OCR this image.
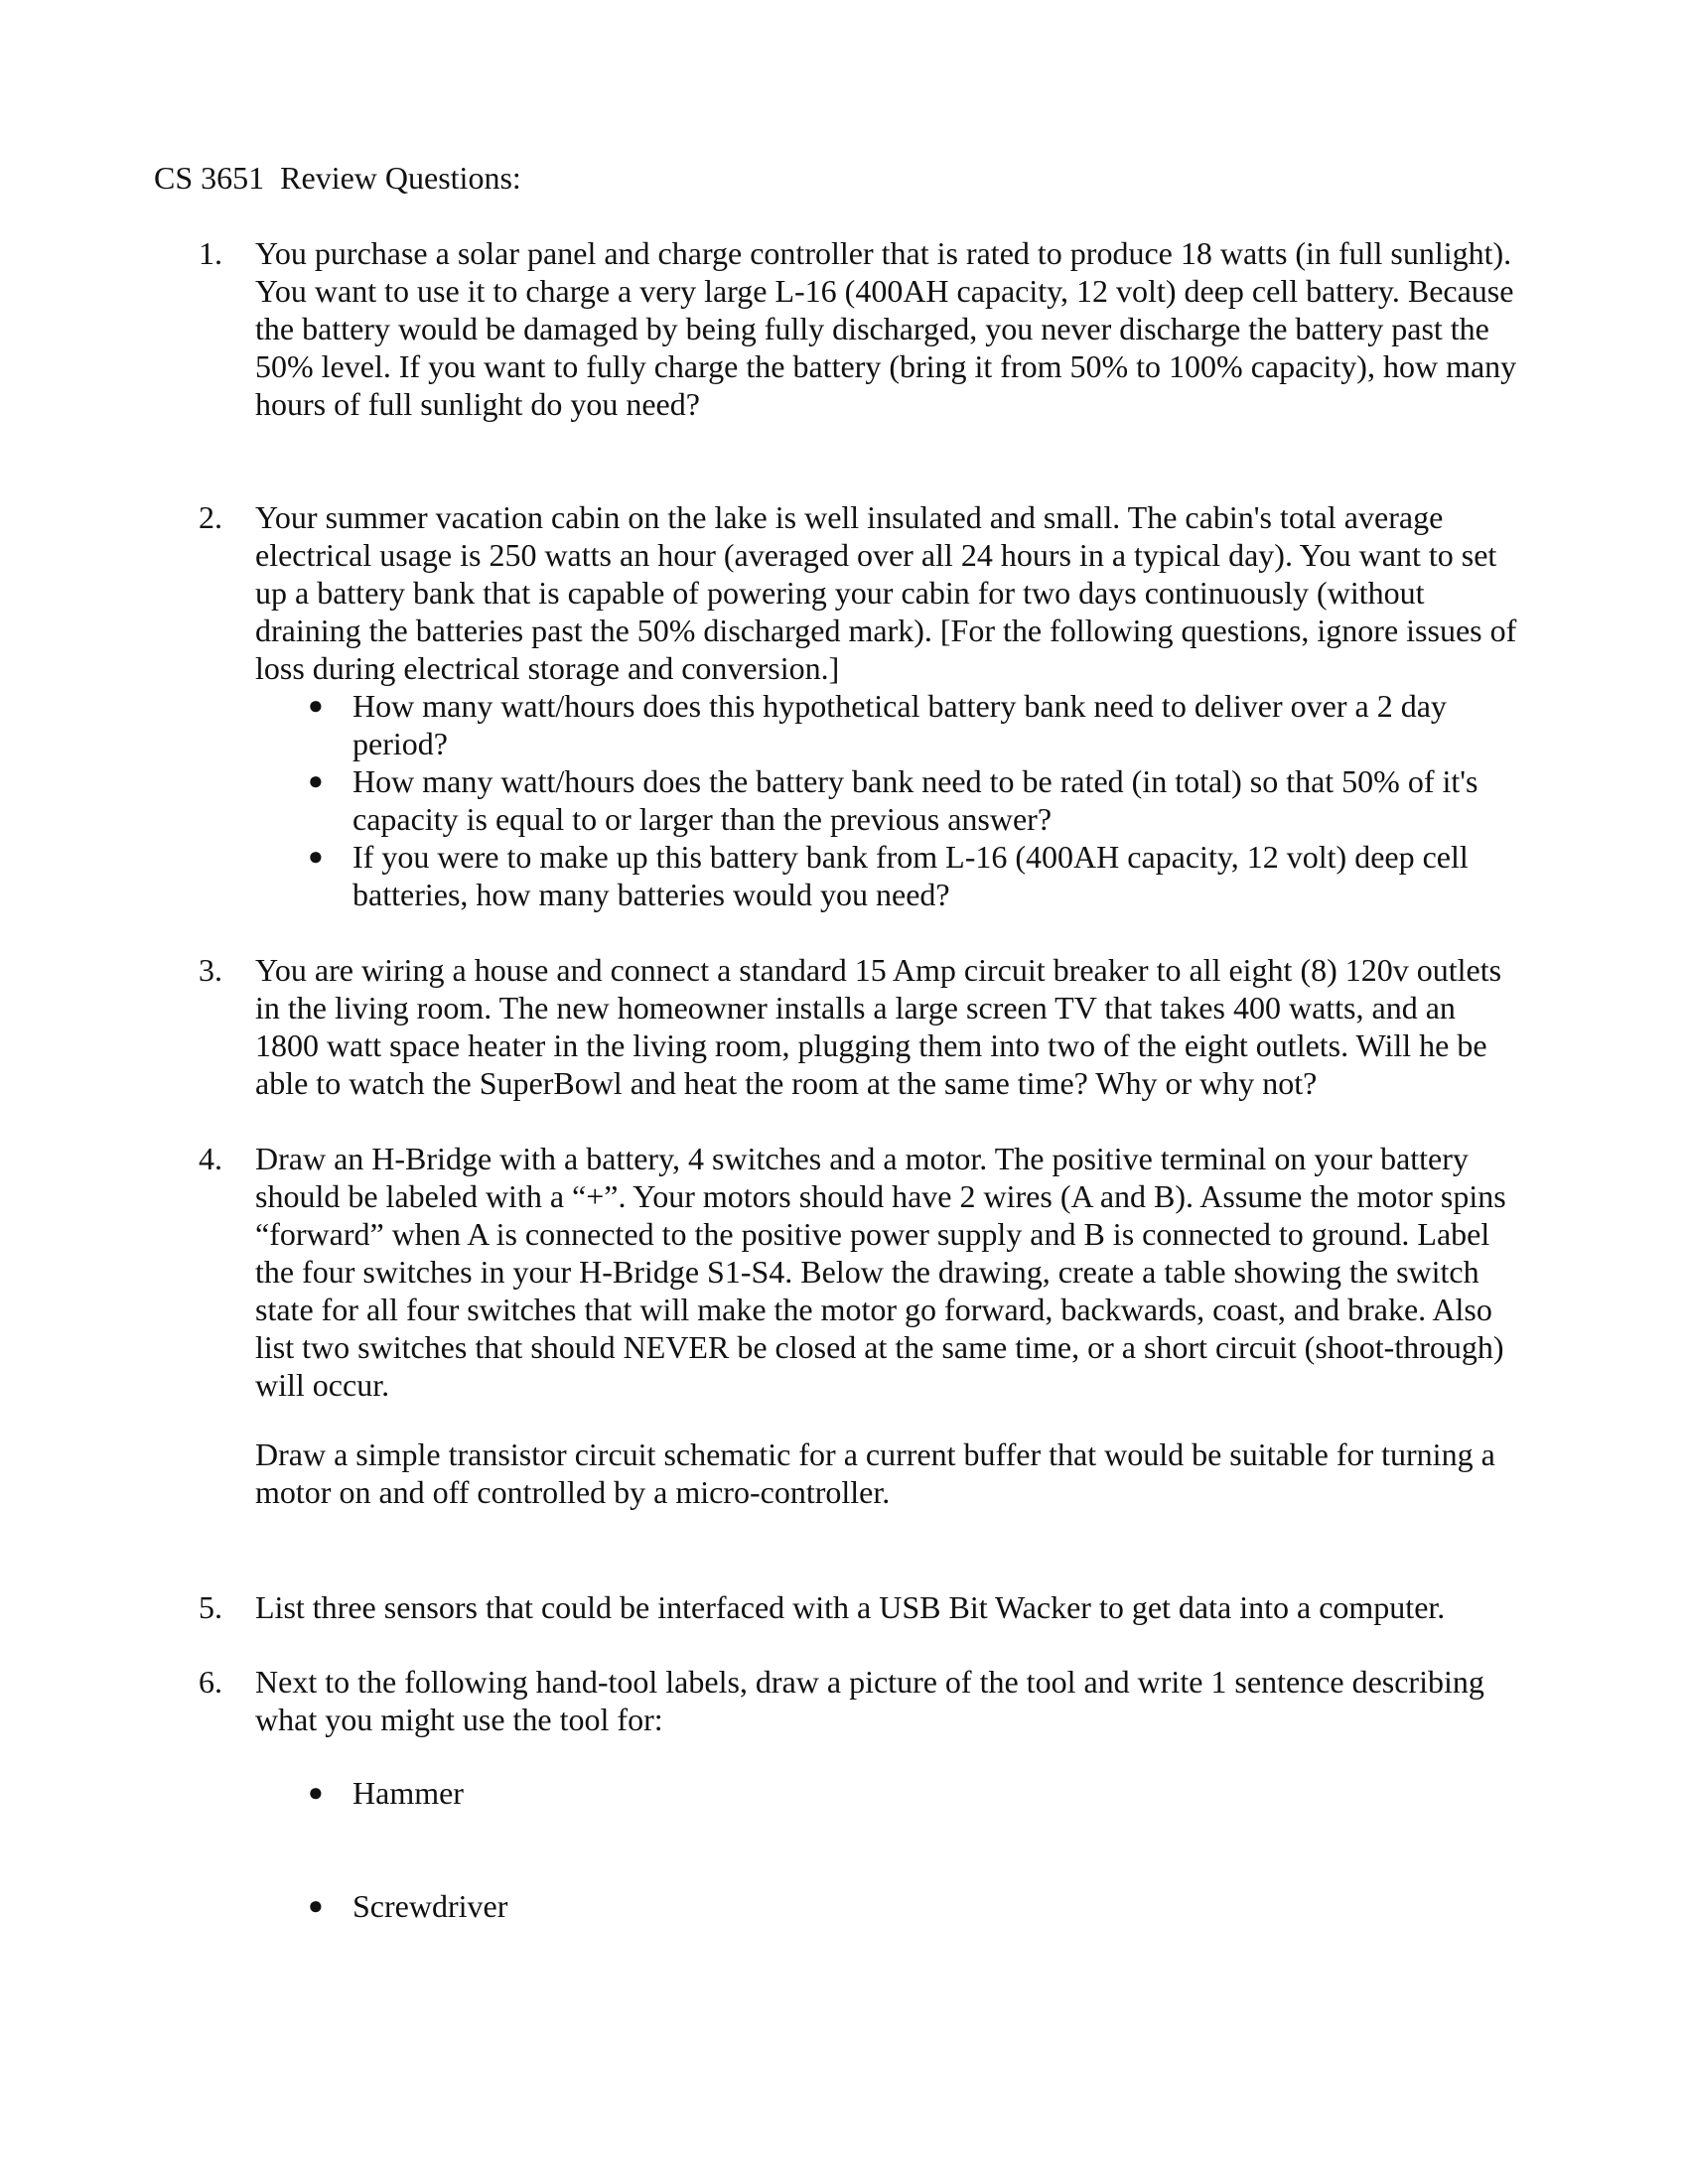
CS 3651  Review Questions:
1.	You purchase a solar panel and charge controller that is rated to produce 18 watts (in full sunlight). You want to use it to charge a very large L-16 (400AH capacity, 12 volt) deep cell battery. Because the battery would be damaged by being fully discharged, you never discharge the battery past the 50% level. If you want to fully charge the battery (bring it from 50% to 100% capacity), how many hours of full sunlight do you need?

2.	Your summer vacation cabin on the lake is well insulated and small. The cabin's total average electrical usage is 250 watts an hour (averaged over all 24 hours in a typical day). You want to set up a battery bank that is capable of powering your cabin for two days continuously (without draining the batteries past the 50% discharged mark). [For the following questions, ignore issues of loss during electrical storage and conversion.]

● How many watt/hours does this hypothetical battery bank need to deliver over a 2 day period?
● How many watt/hours does the battery bank need to be rated (in total) so that 50% of it's capacity is equal to or larger than the previous answer?
● If you were to make up this battery bank from L-16 (400AH capacity, 12 volt) deep cell batteries, how many batteries would you need?
3.	You are wiring a house and connect a standard 15 Amp circuit breaker to all eight (8) 120v outlets in the living room. The new homeowner installs a large screen TV that takes 400 watts, and an 1800 watt space heater in the living room, plugging them into two of the eight outlets. Will he be able to watch the SuperBowl and heat the room at the same time? Why or why not?

4.	Draw an H-Bridge with a battery, 4 switches and a motor. The positive terminal on your battery should be labeled with a “+”. Your motors should have 2 wires (A and B). Assume the motor spins “forward” when A is connected to the positive power supply and B is connected to ground. Label the four switches in your H-Bridge S1-S4. Below the drawing, create a table showing the switch state for all four switches that will make the motor go forward, backwards, coast, and brake. Also list two switches that should NEVER be closed at the same time, or a short circuit (shoot-through) will occur.

Draw a simple transistor circuit schematic for a current buffer that would be suitable for turning a motor on and off controlled by a micro-controller.

5.	List three sensors that could be interfaced with a USB Bit Wacker to get data into a computer.

6.	Next to the following hand-tool labels, draw a picture of the tool and write 1 sentence describing what you might use the tool for:

● Hammer
● Screwdriver
